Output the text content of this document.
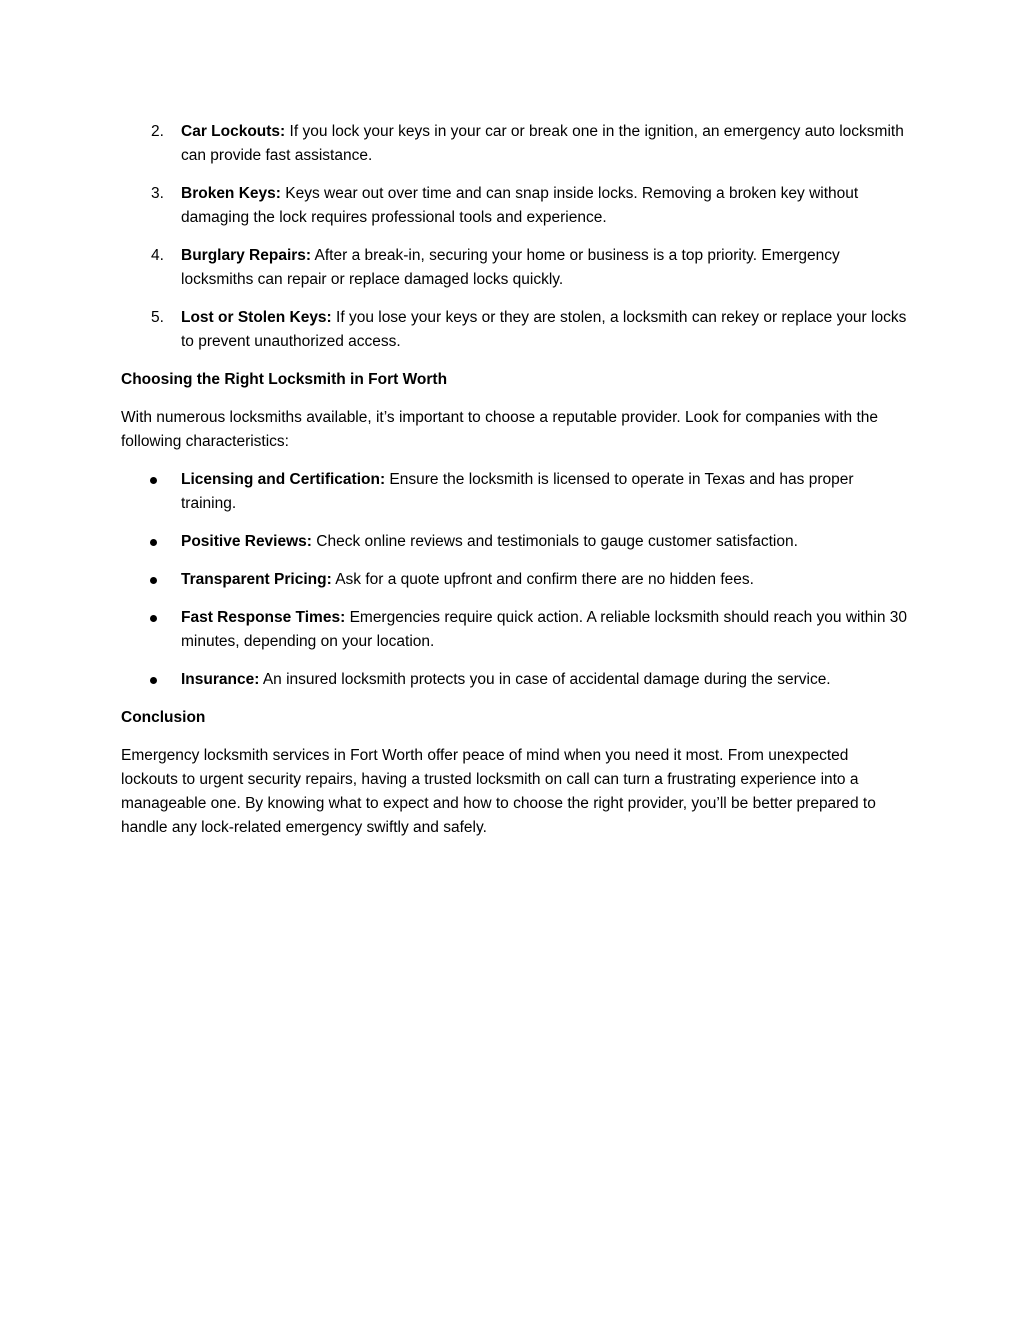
2.	Car Lockouts: If you lock your keys in your car or break one in the ignition, an emergency auto locksmith can provide fast assistance.
3.	Broken Keys: Keys wear out over time and can snap inside locks. Removing a broken key without damaging the lock requires professional tools and experience.
4.	Burglary Repairs: After a break-in, securing your home or business is a top priority. Emergency locksmiths can repair or replace damaged locks quickly.
5.	Lost or Stolen Keys: If you lose your keys or they are stolen, a locksmith can rekey or replace your locks to prevent unauthorized access.
Choosing the Right Locksmith in Fort Worth
With numerous locksmiths available, it’s important to choose a reputable provider. Look for companies with the following characteristics:
Licensing and Certification: Ensure the locksmith is licensed to operate in Texas and has proper training.
Positive Reviews: Check online reviews and testimonials to gauge customer satisfaction.
Transparent Pricing: Ask for a quote upfront and confirm there are no hidden fees.
Fast Response Times: Emergencies require quick action. A reliable locksmith should reach you within 30 minutes, depending on your location.
Insurance: An insured locksmith protects you in case of accidental damage during the service.
Conclusion
Emergency locksmith services in Fort Worth offer peace of mind when you need it most. From unexpected lockouts to urgent security repairs, having a trusted locksmith on call can turn a frustrating experience into a manageable one. By knowing what to expect and how to choose the right provider, you’ll be better prepared to handle any lock-related emergency swiftly and safely.
